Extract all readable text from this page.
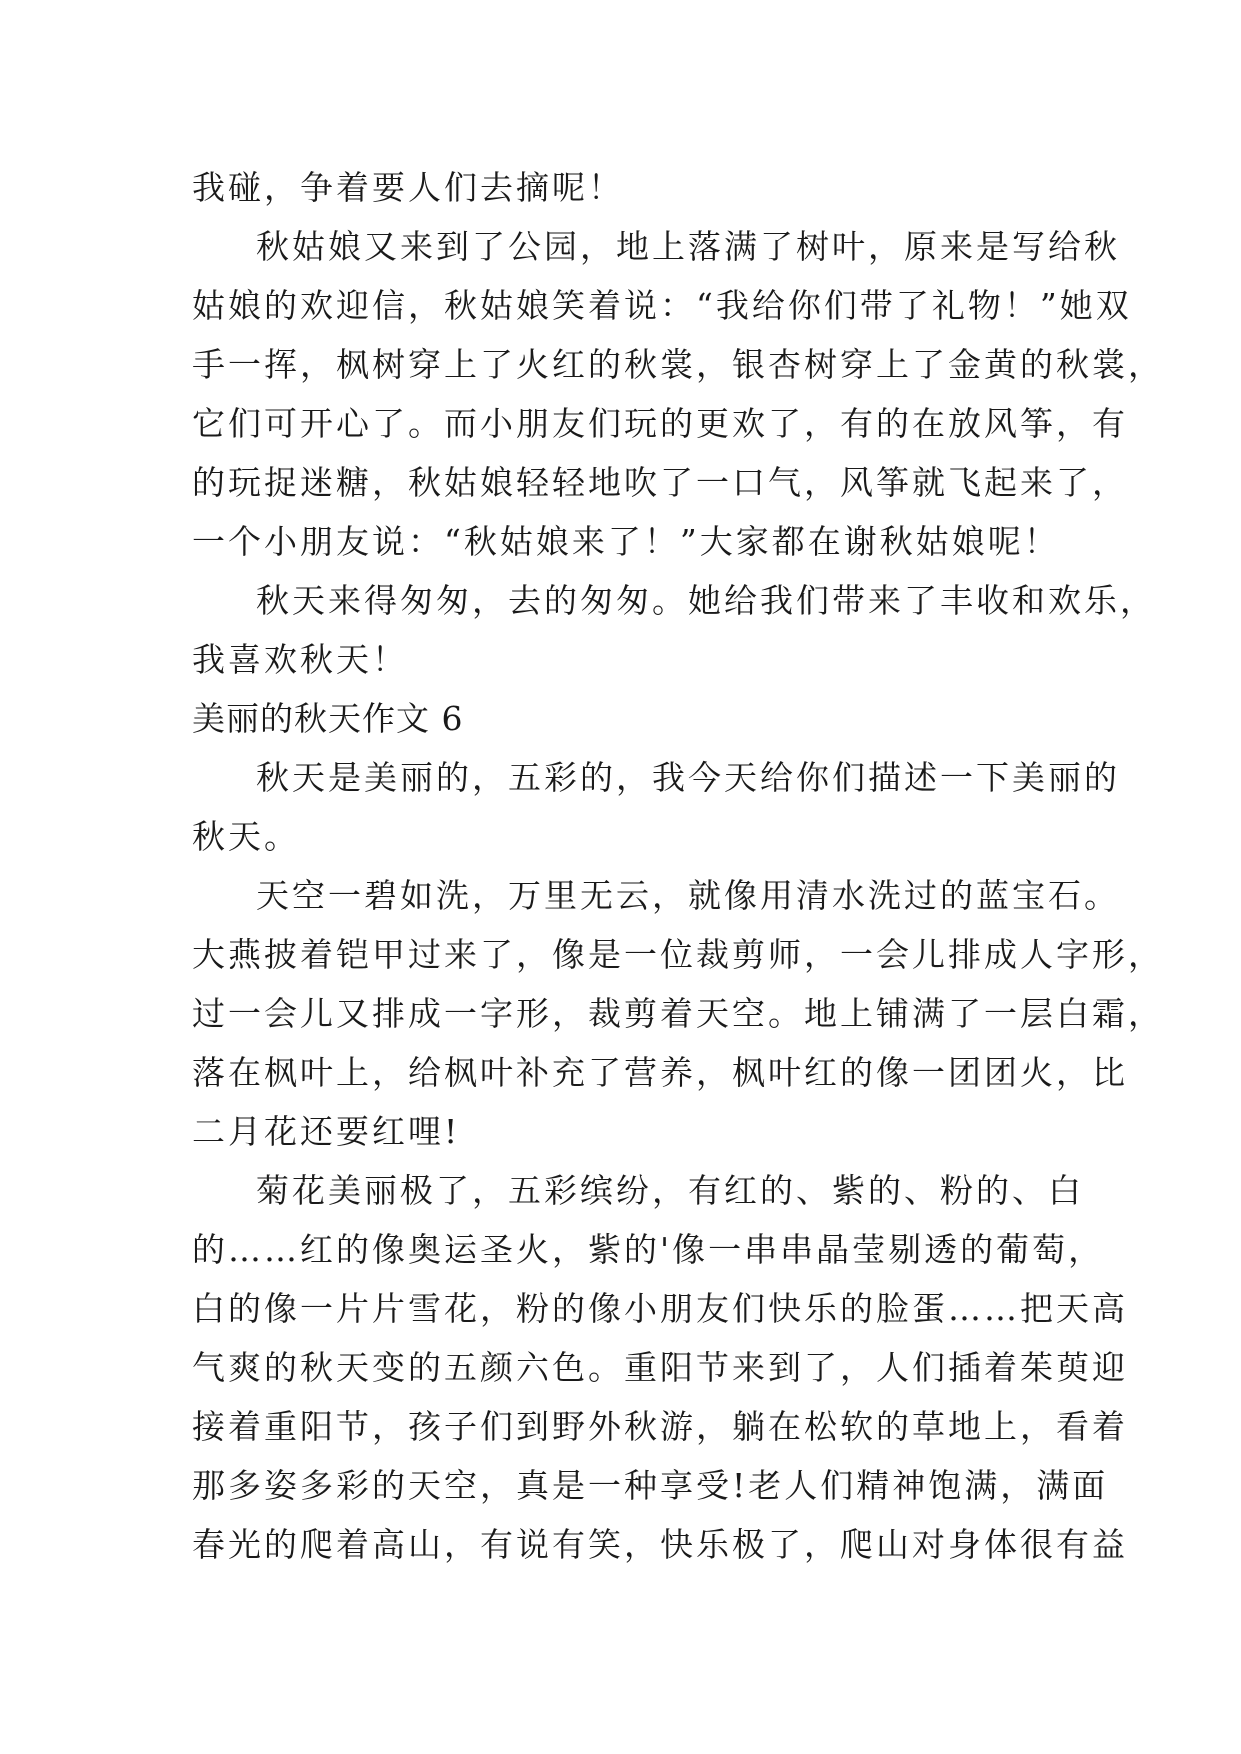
我碰，争着要人们去摘呢！
秋姑娘又来到了公园，地上落满了树叶，原来是写给秋
姑娘的欢迎信，秋姑娘笑着说：“我给你们带了礼物！”她双
手一挥，枫树穿上了火红的秋裳，银杏树穿上了金黄的秋裳，
它们可开心了。而小朋友们玩的更欢了，有的在放风筝，有
的玩捉迷糖，秋姑娘轻轻地吹了一口气，风筝就飞起来了，
一个小朋友说：“秋姑娘来了！”大家都在谢秋姑娘呢！
秋天来得匆匆，去的匆匆。她给我们带来了丰收和欢乐，
我喜欢秋天！
美丽的秋天作文 6
秋天是美丽的，五彩的，我今天给你们描述一下美丽的
秋天。
天空一碧如洗，万里无云，就像用清水洗过的蓝宝石。
大燕披着铠甲过来了，像是一位裁剪师，一会儿排成人字形，
过一会儿又排成一字形，裁剪着天空。地上铺满了一层白霜，
落在枫叶上，给枫叶补充了营养，枫叶红的像一团团火，比
二月花还要红哩!
菊花美丽极了，五彩缤纷，有红的、紫的、粉的、白
的……红的像奥运圣火，紫的'像一串串晶莹剔透的葡萄，
白的像一片片雪花，粉的像小朋友们快乐的脸蛋……把天高
气爽的秋天变的五颜六色。重阳节来到了，人们插着茱萸迎
接着重阳节，孩子们到野外秋游，躺在松软的草地上，看着
那多姿多彩的天空，真是一种享受!老人们精神饱满，满面
春光的爬着高山，有说有笑，快乐极了，爬山对身体很有益
